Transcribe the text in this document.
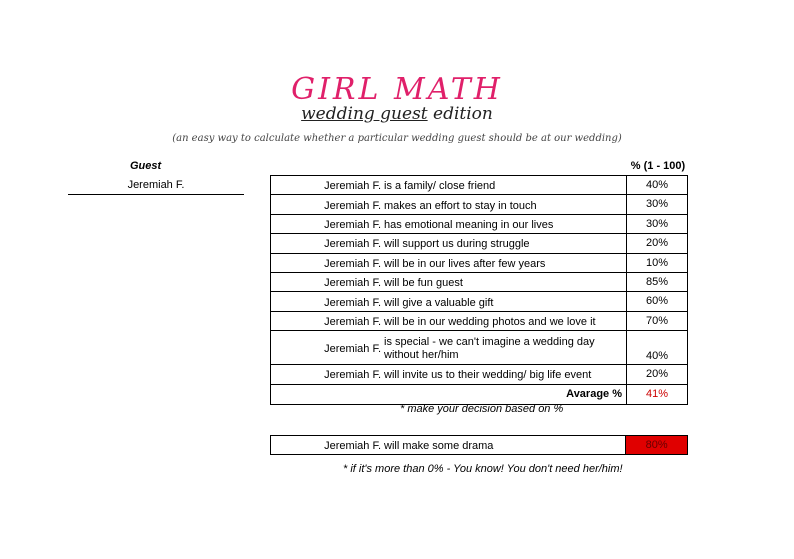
GIRL MATH
wedding guest edition
(an easy way to calculate whether a particular wedding guest should be at our wedding)
Guest	% (1 - 100)
Jeremiah F.	Jeremiah F. is a family/ close friend	40%

Jeremiah F. makes an effort to stay in touch	30%

Jeremiah F. has emotional meaning in our lives	30%

Jeremiah F. will support us during struggle	20%

Jeremiah F. will be in our lives after few years	10%

Jeremiah F. will be fun guest	85%

Jeremiah F. will give a valuable gift	60%

Jeremiah F. will be in our wedding photos and we love it	70%

Jeremiah F.
is special - we can't imagine a wedding day without her/him	40%

Jeremiah F. will invite us to their wedding/ big life event	20%
Avarage %	41%
* make your decision based on %
Jeremiah F. will make some drama	80%
* if it's more than 0% - You know! You don't need her/him!
